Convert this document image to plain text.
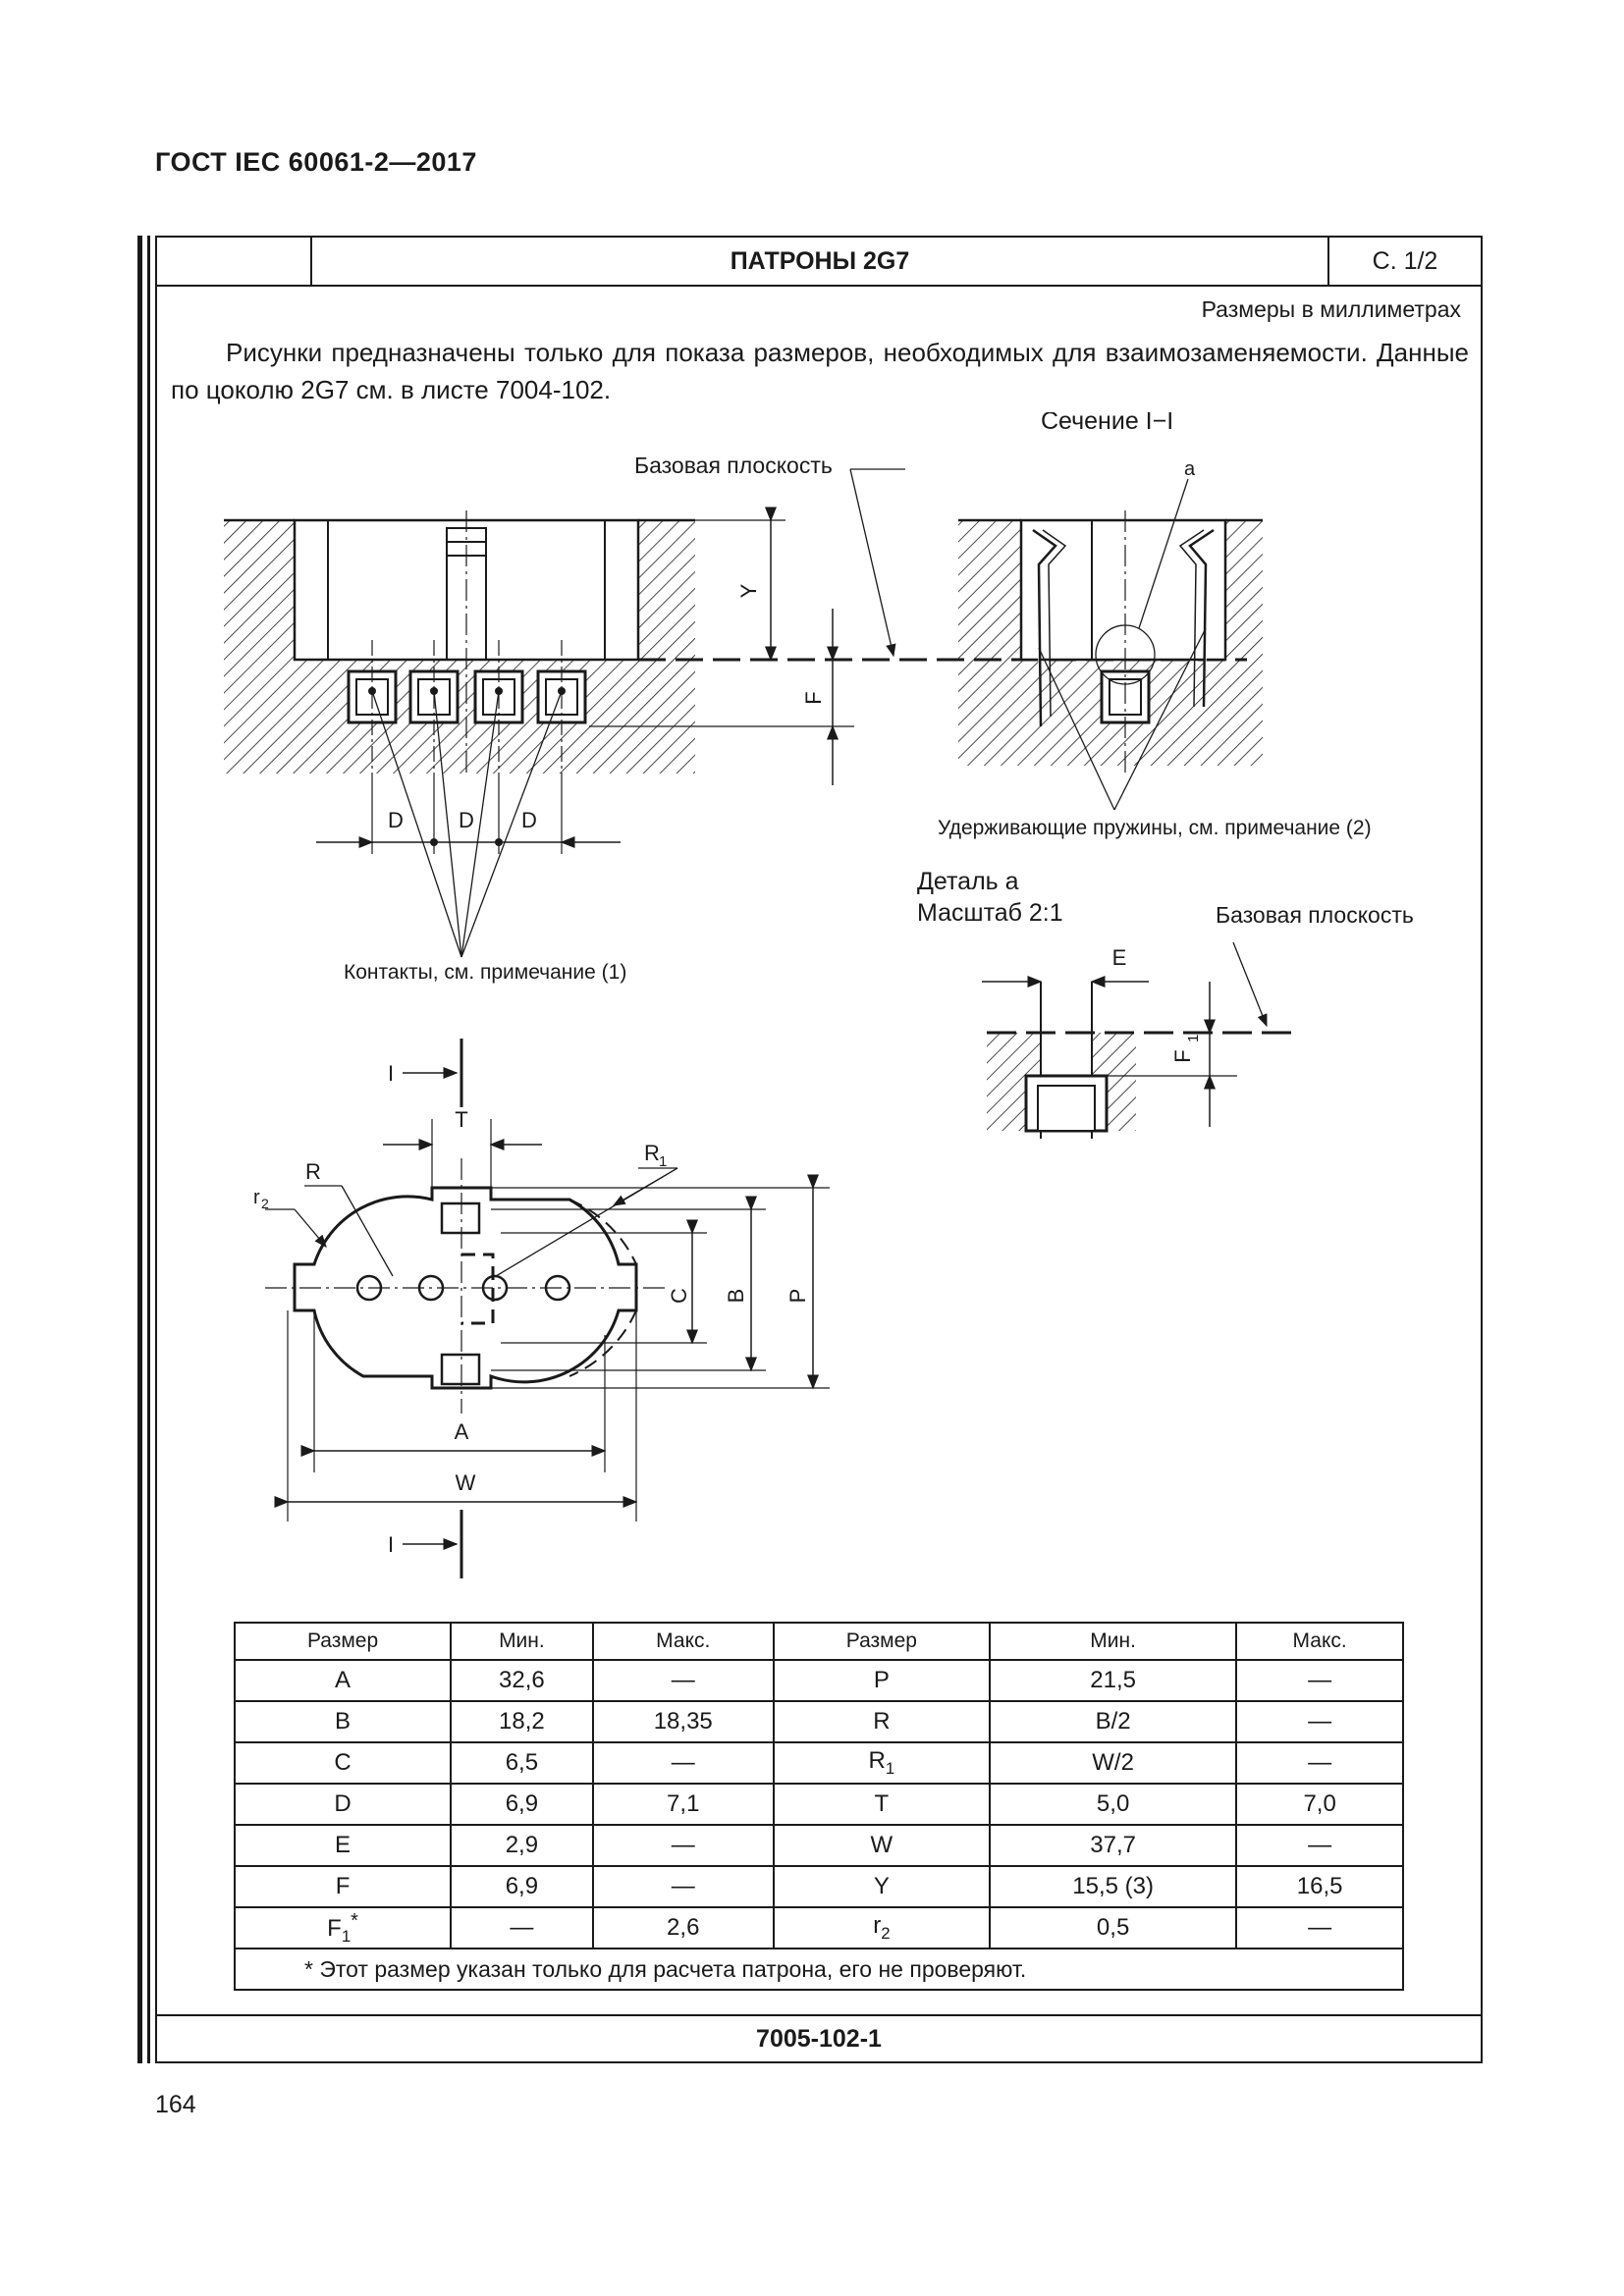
ГОСТ IEC 60061-2—2017
ПАТРОНЫ 2G7	С. 1/2
Размеры в миллиметрах
Рисунки предназначены только для показа размеров, необходимых для взаимозаменяемости. Данные по цоколю 2G7 см. в листе 7004-102.
Сечение I−I
Базовая плоскость	a
Y
F
D	D D	Удерживающие пружины, см. примечание (2)
Контакты, см. примечание (1)
Деталь a
Масштаб 2:1	Базовая плоскость
E
F
1
T
R
R 1
r 2
C B P
A
W
I
I
Размер	Мин.	Макс.	Размер	Мин.	Макс.
A	32,6	—	P	21,5	—
B	18,2	18,35	R	B/2	—
C	6,5	—	$R_1$	W/2	—
D	6,9	7,1	T	5,0	7,0
E	2,9	—	W	37,7	—
F	6,9	—	Y	15,5 (3)	16,5
$F_1^*$	—	2,6	$r_2$	0,5	—
* Этот размер указан только для расчета патрона, его не проверяют.					
7005-102-1
164
